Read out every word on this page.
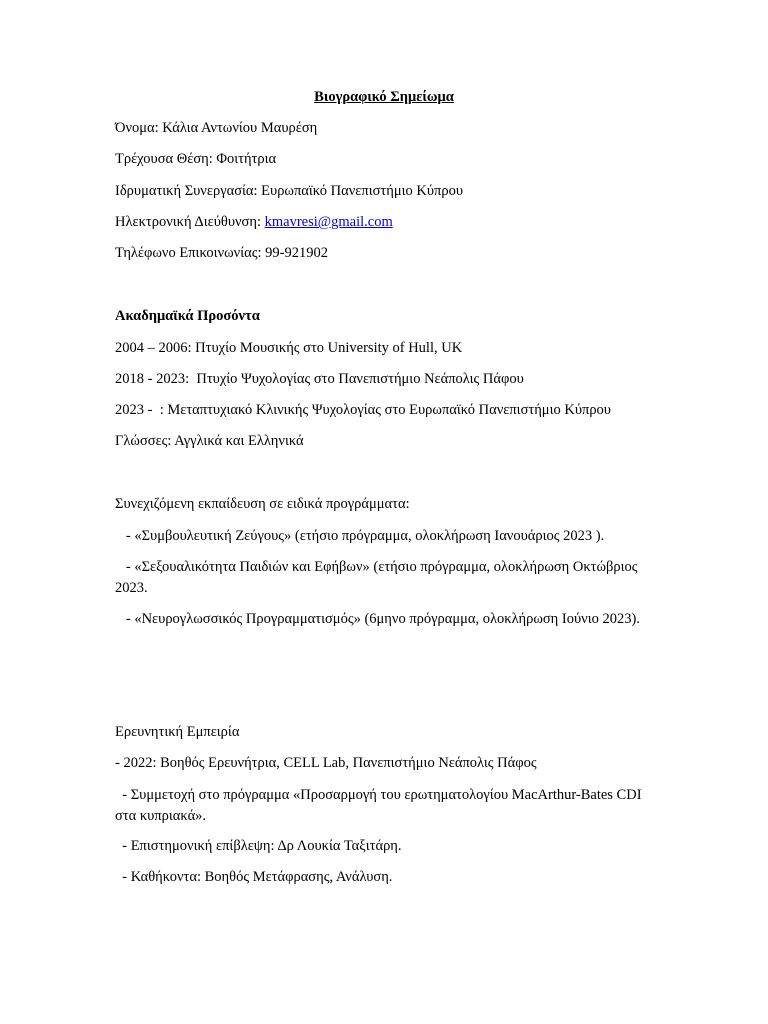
Βιογραφικό Σημείωμα
Όνομα: Κάλια Αντωνίου Μαυρέση
Τρέχουσα Θέση: Φοιτήτρια
Ιδρυματική Συνεργασία: Ευρωπαϊκό Πανεπιστήμιο Κύπρου
Ηλεκτρονική Διεύθυνση: kmavresi@gmail.com
Τηλέφωνο Επικοινωνίας: 99-921902
Ακαδημαϊκά Προσόντα
2004 – 2006: Πτυχίο Μουσικής στο University of Hull, UK
2018 - 2023:  Πτυχίο Ψυχολογίας στο Πανεπιστήμιο Νεάπολις Πάφου
2023 -  : Μεταπτυχιακό Κλινικής Ψυχολογίας στο Ευρωπαϊκό Πανεπιστήμιο Κύπρου
Γλώσσες: Αγγλικά και Ελληνικά
Συνεχιζόμενη εκπαίδευση σε ειδικά προγράμματα:
- «Συμβουλευτική Ζεύγους» (ετήσιο πρόγραμμα, ολοκλήρωση Ιανουάριος 2023 ).
- «Σεξουαλικότητα Παιδιών και Εφήβων» (ετήσιο πρόγραμμα, ολοκλήρωση Οκτώβριος 2023.
- «Νευρογλωσσικός Προγραμματισμός» (6μηνο πρόγραμμα, ολοκλήρωση Ιούνιο 2023).
Ερευνητική Εμπειρία
- 2022: Βοηθός Ερευνήτρια, CELL Lab, Πανεπιστήμιο Νεάπολις Πάφος
- Συμμετοχή στο πρόγραμμα «Προσαρμογή του ερωτηματολογίου MacArthur-Bates CDI στα κυπριακά».
- Επιστημονική επίβλεψη: Δρ Λουκία Ταξιτάρη.
- Καθήκοντα: Βοηθός Μετάφρασης, Ανάλυση.
